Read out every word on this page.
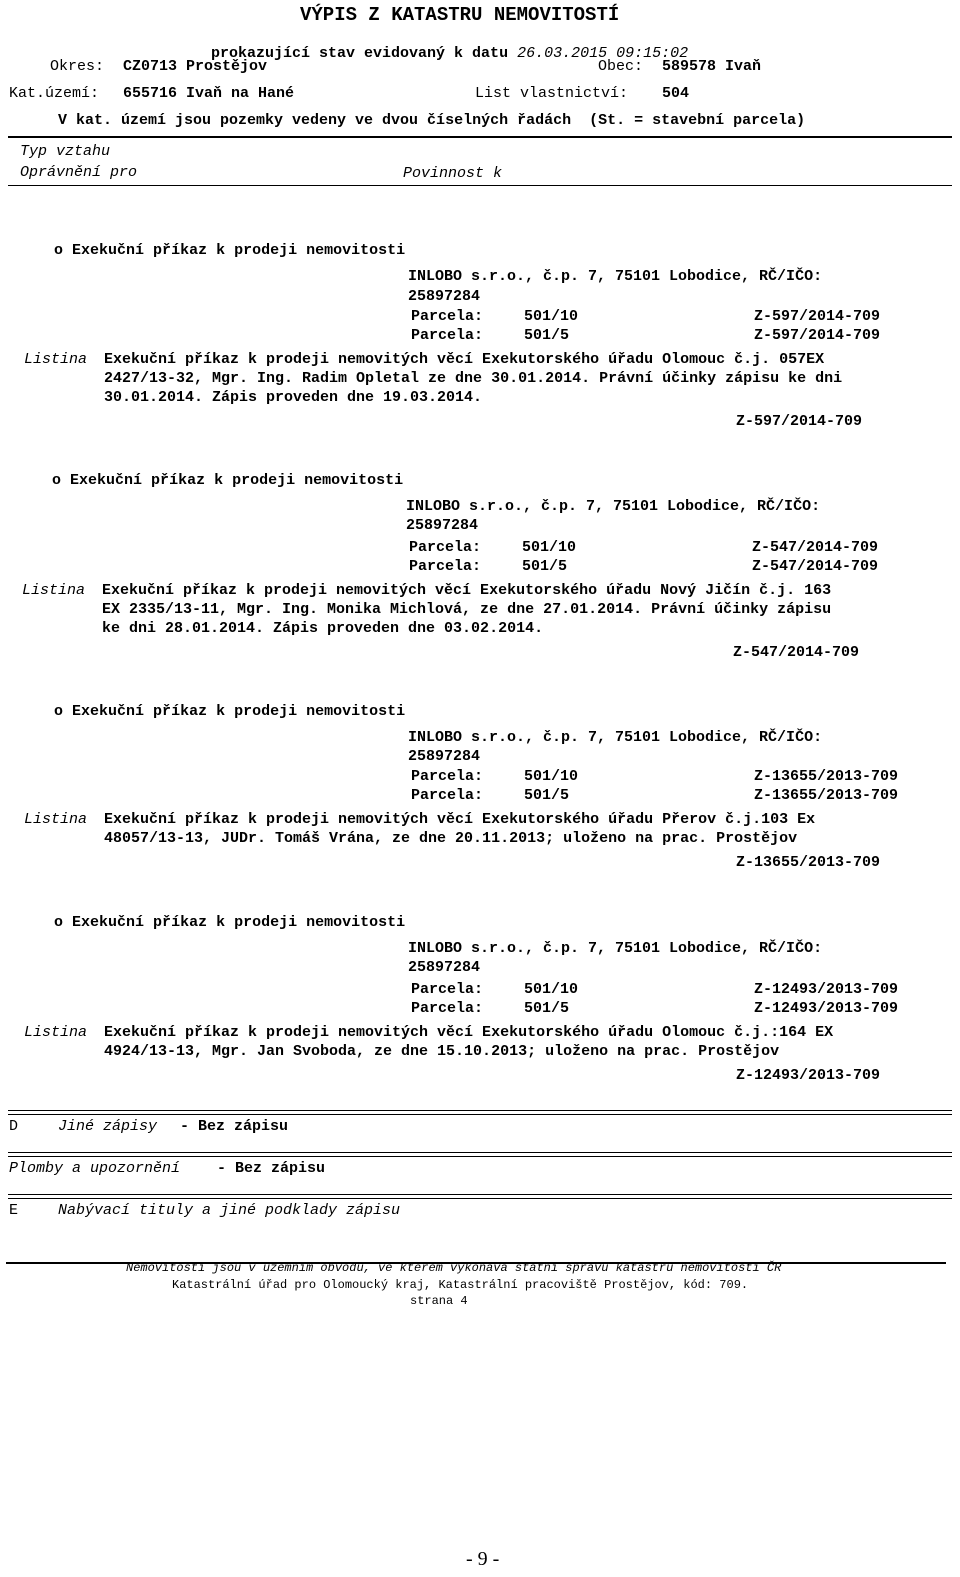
VÝPIS Z KATASTRU NEMOVITOSTÍ

prokazující stav evidovaný k datu 26.03.2015 09:15:02

Okres: CZ0713 Prostějov	Obec: 589578 Ivaň
Kat.území: 655716 Ivaň na Hané	List vlastnictví: 504
V kat. území jsou pozemky vedeny ve dvou číselných řadách  (St. = stavební parcela)
Typ vztahu
Oprávnění pro	Povinnost k

o Exekuční příkaz k prodeji nemovitosti

INLOBO s.r.o., č.p. 7, 75101 Lobodice, RČ/IČO:
25897284
Parcela:	501/10	Z-597/2014-709
Parcela:	501/5	Z-597/2014-709
Listina Exekuční příkaz k prodeji nemovitých věcí Exekutorského úřadu Olomouc č.j. 057EX
2427/13-32, Mgr. Ing. Radim Opletal ze dne 30.01.2014. Právní účinky zápisu ke dni
30.01.2014. Zápis proveden dne 19.03.2014.
Z-597/2014-709

o Exekuční příkaz k prodeji nemovitosti

INLOBO s.r.o., č.p. 7, 75101 Lobodice, RČ/IČO:
25897284
Parcela:	501/10	Z-547/2014-709
Parcela:	501/5	Z-547/2014-709
Listina Exekuční příkaz k prodeji nemovitých věcí Exekutorského úřadu Nový Jičín č.j. 163
EX 2335/13-11, Mgr. Ing. Monika Michlová, ze dne 27.01.2014. Právní účinky zápisu
ke dni 28.01.2014. Zápis proveden dne 03.02.2014.
Z-547/2014-709

o Exekuční příkaz k prodeji nemovitosti

INLOBO s.r.o., č.p. 7, 75101 Lobodice, RČ/IČO:
25897284
Parcela:	501/10	Z-13655/2013-709
Parcela:	501/5	Z-13655/2013-709
Listina Exekuční příkaz k prodeji nemovitých věcí Exekutorského úřadu Přerov č.j.103 Ex
48057/13-13, JUDr. Tomáš Vrána, ze dne 20.11.2013; uloženo na prac. Prostějov
Z-13655/2013-709

o Exekuční příkaz k prodeji nemovitosti

INLOBO s.r.o., č.p. 7, 75101 Lobodice, RČ/IČO:
25897284
Parcela:	501/10	Z-12493/2013-709
Parcela:	501/5	Z-12493/2013-709
Listina Exekuční příkaz k prodeji nemovitých věcí Exekutorského úřadu Olomouc č.j.:164 EX
4924/13-13, Mgr. Jan Svoboda, ze dne 15.10.2013; uloženo na prac. Prostějov
Z-12493/2013-709
D	Jiné zápisy - Bez zápisu
Plomby a upozornění - Bez zápisu
E	Nabývací tituly a jiné podklady zápisu
Nemovitosti jsou v územním obvodu, ve kterém vykonává státní správu katastru nemovitostí ČR
Katastrální úřad pro Olomoucký kraj, Katastrální pracoviště Prostějov, kód: 709.
strana 4
- 9 -
